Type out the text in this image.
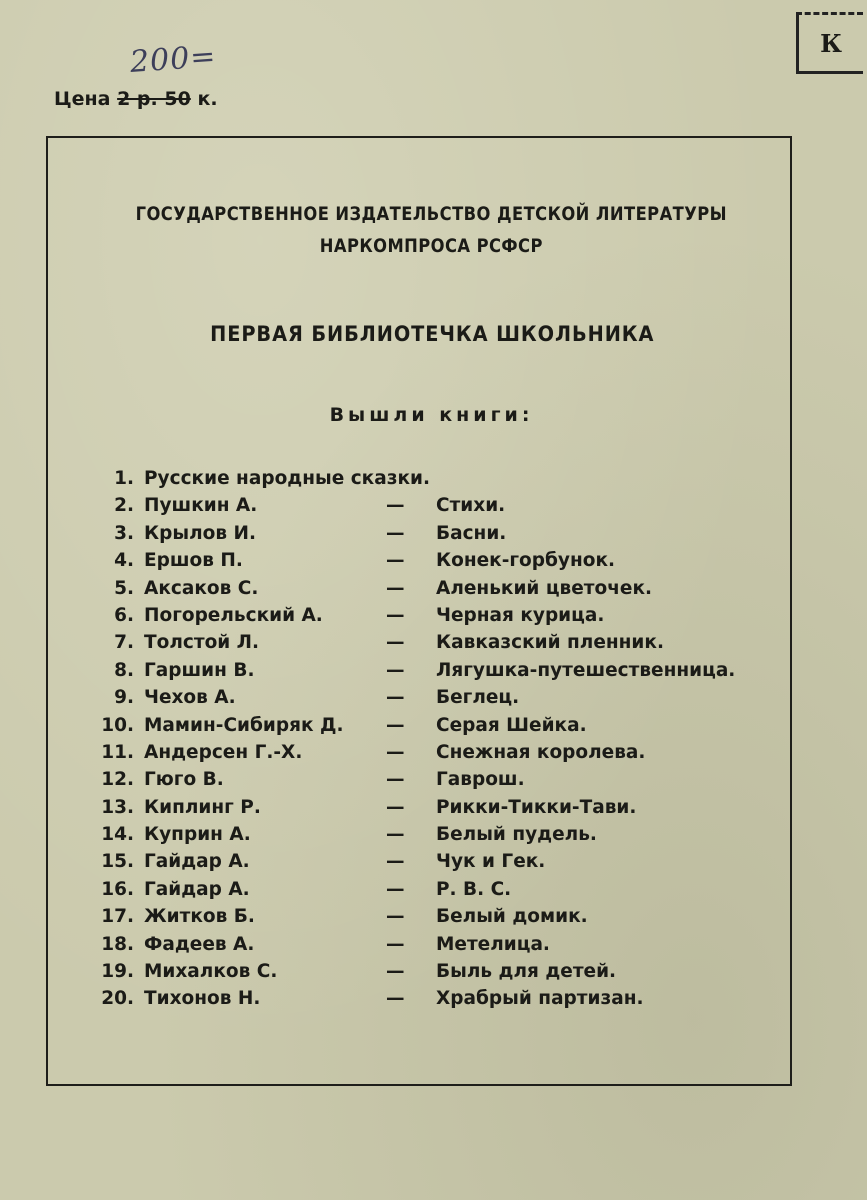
200=
Цена 2 р. 50 к.
К
ГОСУДАРСТВЕННОЕ ИЗДАТЕЛЬСТВО ДЕТСКОЙ ЛИТЕРАТУРЫ
НАРКОМПРОСА РСФСР
ПЕРВАЯ БИБЛИОТЕЧКА ШКОЛЬНИКА
Вышли книги:
1. Русские народные сказки.
2. Пушкин А.	— Стихи.
3. Крылов И.	— Басни.
4. Ершов П.	— Конек-горбунок.
5. Аксаков С.	— Аленький цветочек.
6. Погорельский А.	— Черная курица.
7. Толстой Л.	— Кавказский пленник.
8. Гаршин В.	— Лягушка-путешественница.
9. Чехов А.	— Беглец.
10. Мамин-Сибиряк Д. — Серая Шейка.
11. Андерсен Г.-Х.	— Снежная королева.
12. Гюго В.	— Гаврош.
13. Киплинг Р.	— Рикки-Тикки-Тави.
14. Куприн А.	— Белый пудель.
15. Гайдар А.	— Чук и Гек.
16. Гайдар А.	— Р. В. С.
17. Житков Б.	— Белый домик.
18. Фадеев А.	— Метелица.
19. Михалков С.	— Быль для детей.
20. Тихонов Н.	— Храбрый партизан.
